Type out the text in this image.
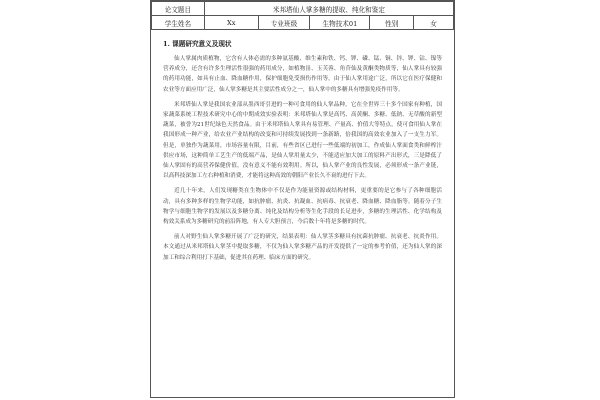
论文题目	米邦塔仙人掌多糖的提取、纯化和鉴定				
学生姓名	Xx	专业班级	生物技术01	性别	女
1. 课题研究意义及现状

仙人掌属肉质植物，它含有人体必需的多种氨基酸、维生素和铁、钙、钾、磷、锰、铜、锌、钾、钴、镍等营养成分，还含有许多生理活性很强的药用成分，如植物甾、玉芙蓉、角苷仙及黄酮类物质等，仙人掌具有较强的药用功能，如具有止血、降血糖作用，保护细胞免受损伤作用等。由于仙人掌用途广泛，所以它在医疗保健和农业等方面应用广泛，仙人掌多糖是其主要活性成分之一，仙人掌中的多糖具有增强免疫作用等。

米邦塔仙人掌是我国农业部从墨西哥引进的一种可食用的仙人掌品种，它在全世界三十多个国家有种植，国家蔬菜系统工程技术研究中心的中期成效实验表明：米邦塔仙人掌是高钙、高黄酮、多糖、低钠、无草酸的新型蔬菜，被誉为21世纪绿色天然食品。由于米邦塔仙人掌具有易管理、产量高、价值大等特点，使可食用仙人掌在我国形成一种产业，给农业产业结构的改变和可持续发展找到一条新路，倍我国的高效农业加入了一支生力军。但是，单独作为蔬菜用，市场容量有限，目前，有些省区已进行一些低端的初加工，作成仙人掌面食类和鲜榨汁供应市场，这种简单工艺生产的低端产品，是仙人掌用量太少，不能适应加大加工的原料产出形式，三是降低了仙人掌固有的高营养保健价值。没有意义不能有效利用。所以，仙人掌产业的良性发展，必须形成一条产业链，以高科技深加工左右种植和消费，才能将这种高效的朝阳产业长久不衰的进行下去。

近几十年来，人们发现糖类在生物体中不仅是作为能量资源或结构材料，更重要的是它参与了各种细胞活动，具有多种多样的生物学功能，如抗肿瘤、抗炎、抗凝血、抗病毒、抗衰老、降血糖、降血脂等。随着分子生物学与细胞生物学的发展以及多糖分离、纯化及结构分析等生化手段的长足进步，多糖的生理活性、化学结构及构效关系成为多糖研究的前沿阵地，有人专大胆预言，今后数十年将是多糖的时代。

前人对野生仙人掌多糖开展了广泛的研究，结果表明：仙人掌茎多糖具有抗菌抗肿瘤、抗衰老、抗炎作用。本文通过从米邦塔仙人掌茎中提取多糖，不仅为仙人掌多糖产品的开发提供了一定的参考价值，还为仙人掌的深加工和综合利用打下基础，促进其在药理、临床方面的研究。
